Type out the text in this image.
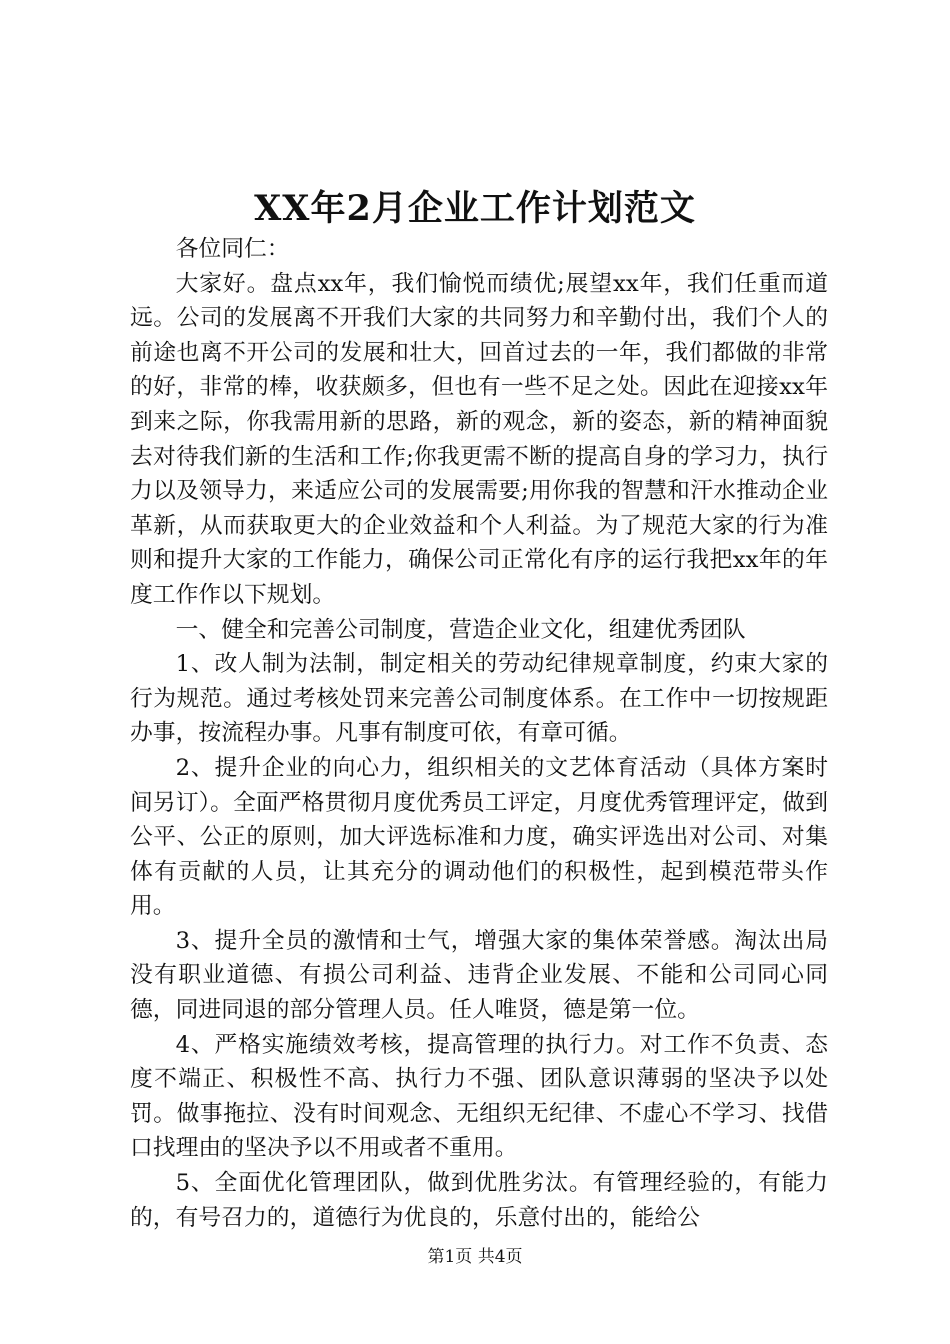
XX年2月企业工作计划范文

各位同仁：

大家好。盘点xx年，我们愉悦而绩优;展望xx年，我们任重而道远。公司的发展离不开我们大家的共同努力和辛勤付出，我们个人的前途也离不开公司的发展和壮大，回首过去的一年，我们都做的非常的好，非常的棒，收获颇多，但也有一些不足之处。因此在迎接xx年到来之际，你我需用新的思路，新的观念，新的姿态，新的精神面貌去对待我们新的生活和工作;你我更需不断的提高自身的学习力，执行力以及领导力，来适应公司的发展需要;用你我的智慧和汗水推动企业革新，从而获取更大的企业效益和个人利益。为了规范大家的行为准则和提升大家的工作能力，确保公司正常化有序的运行我把xx年的年度工作作以下规划。

一、健全和完善公司制度，营造企业文化，组建优秀团队

1、改人制为法制，制定相关的劳动纪律规章制度，约束大家的行为规范。通过考核处罚来完善公司制度体系。在工作中一切按规距办事，按流程办事。凡事有制度可依，有章可循。

2、提升企业的向心力，组织相关的文艺体育活动（具体方案时间另订）。全面严格贯彻月度优秀员工评定，月度优秀管理评定，做到公平、公正的原则，加大评选标准和力度，确实评选出对公司、对集体有贡献的人员，让其充分的调动他们的积极性，起到模范带头作用。

3、提升全员的激情和士气，增强大家的集体荣誉感。淘汰出局没有职业道德、有损公司利益、违背企业发展、不能和公司同心同德，同进同退的部分管理人员。任人唯贤，德是第一位。

4、严格实施绩效考核，提高管理的执行力。对工作不负责、态度不端正、积极性不高、执行力不强、团队意识薄弱的坚决予以处罚。做事拖拉、没有时间观念、无组织无纪律、不虚心不学习、找借口找理由的坚决予以不用或者不重用。

5、全面优化管理团队，做到优胜劣汰。有管理经验的，有能力的，有号召力的，道德行为优良的，乐意付出的，能给公

第1页 共4页
